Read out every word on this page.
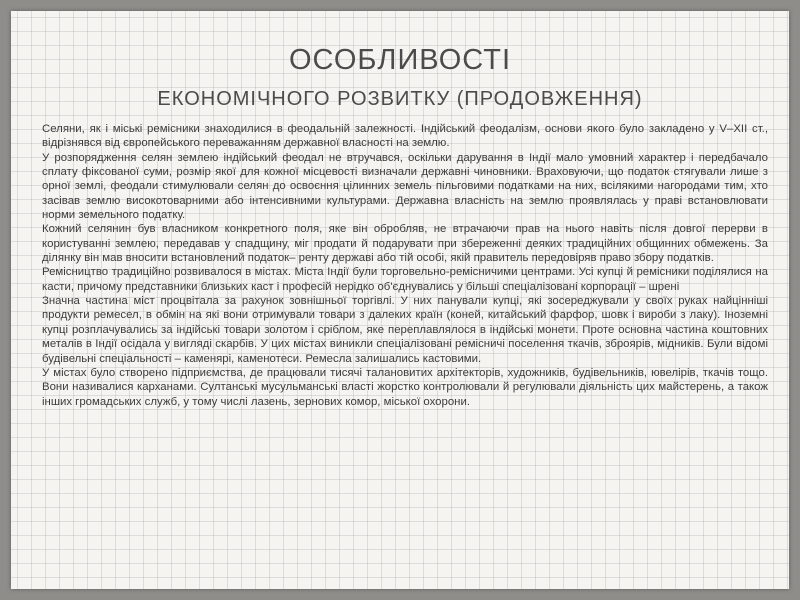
ОСОБЛИВОСТІ
ЕКОНОМІЧНОГО РОЗВИТКУ (ПРОДОВЖЕННЯ)

Селяни, як і міські ремісники знаходилися в феодальній залежності. Індійський феодалізм, основи якого було закладено у V–XII ст., відрізнявся від європейського переважанням державної власності на землю.

У розпорядження селян землею індійський феодал не втручався, оскільки дарування в Індії мало умовний характер і передбачало сплату фіксованої суми, розмір якої для кожної місцевості визначали державні чиновники. Враховуючи, що податок стягували лише з орної землі, феодали стимулювали селян до освоєння цілинних земель пільговими податками на них, всілякими нагородами тим, хто засівав землю високотоварними або інтенсивними культурами. Державна власність на землю проявлялась у праві встановлювати норми земельного податку.

Кожний селянин був власником конкретного поля, яке він обробляв, не втрачаючи прав на нього навіть після довгої перерви в користуванні землею, передавав у спадщину, міг продати й подарувати при збереженні деяких традиційних общинних обмежень. За ділянку він мав вносити встановлений податок– ренту державі або тій особі, якій правитель передовіряв право збору податків.

Ремісництво традиційно розвивалося в містах. Міста Індії були торговельно-ремісничими центрами. Усі купці й ремісники поділялися на касти, причому представники близьких каст і професій нерідко об'єднувались у більші спеціалізовані корпорації – шрені

Значна частина міст процвітала за рахунок зовнішньої торгівлі. У них панували купці, які зосереджували у своїх руках найцінніші продукти ремесел, в обмін на які вони отримували товари з далеких країн (коней, китайський фарфор, шовк і вироби з лаку). Іноземні купці розплачувались за індійські товари золотом і сріблом, яке переплавлялося в індійські монети. Проте основна частина коштовних металів в Індії осідала у вигляді скарбів. У цих містах виникли спеціалізовані ремісничі поселення ткачів, зброярів, мідників. Були відомі будівельні спеціальності – каменярі, каменотеси. Ремесла залишались кастовими.

У містах було створено підприємства, де працювали тисячі талановитих архітекторів, художників, будівельників, ювелірів, ткачів тощо. Вони називалися карханами. Султанські мусульманські власті жорстко контролювали й регулювали діяльність цих майстерень, а також інших громадських служб, у тому числі лазень, зернових комор, міської охорони.
